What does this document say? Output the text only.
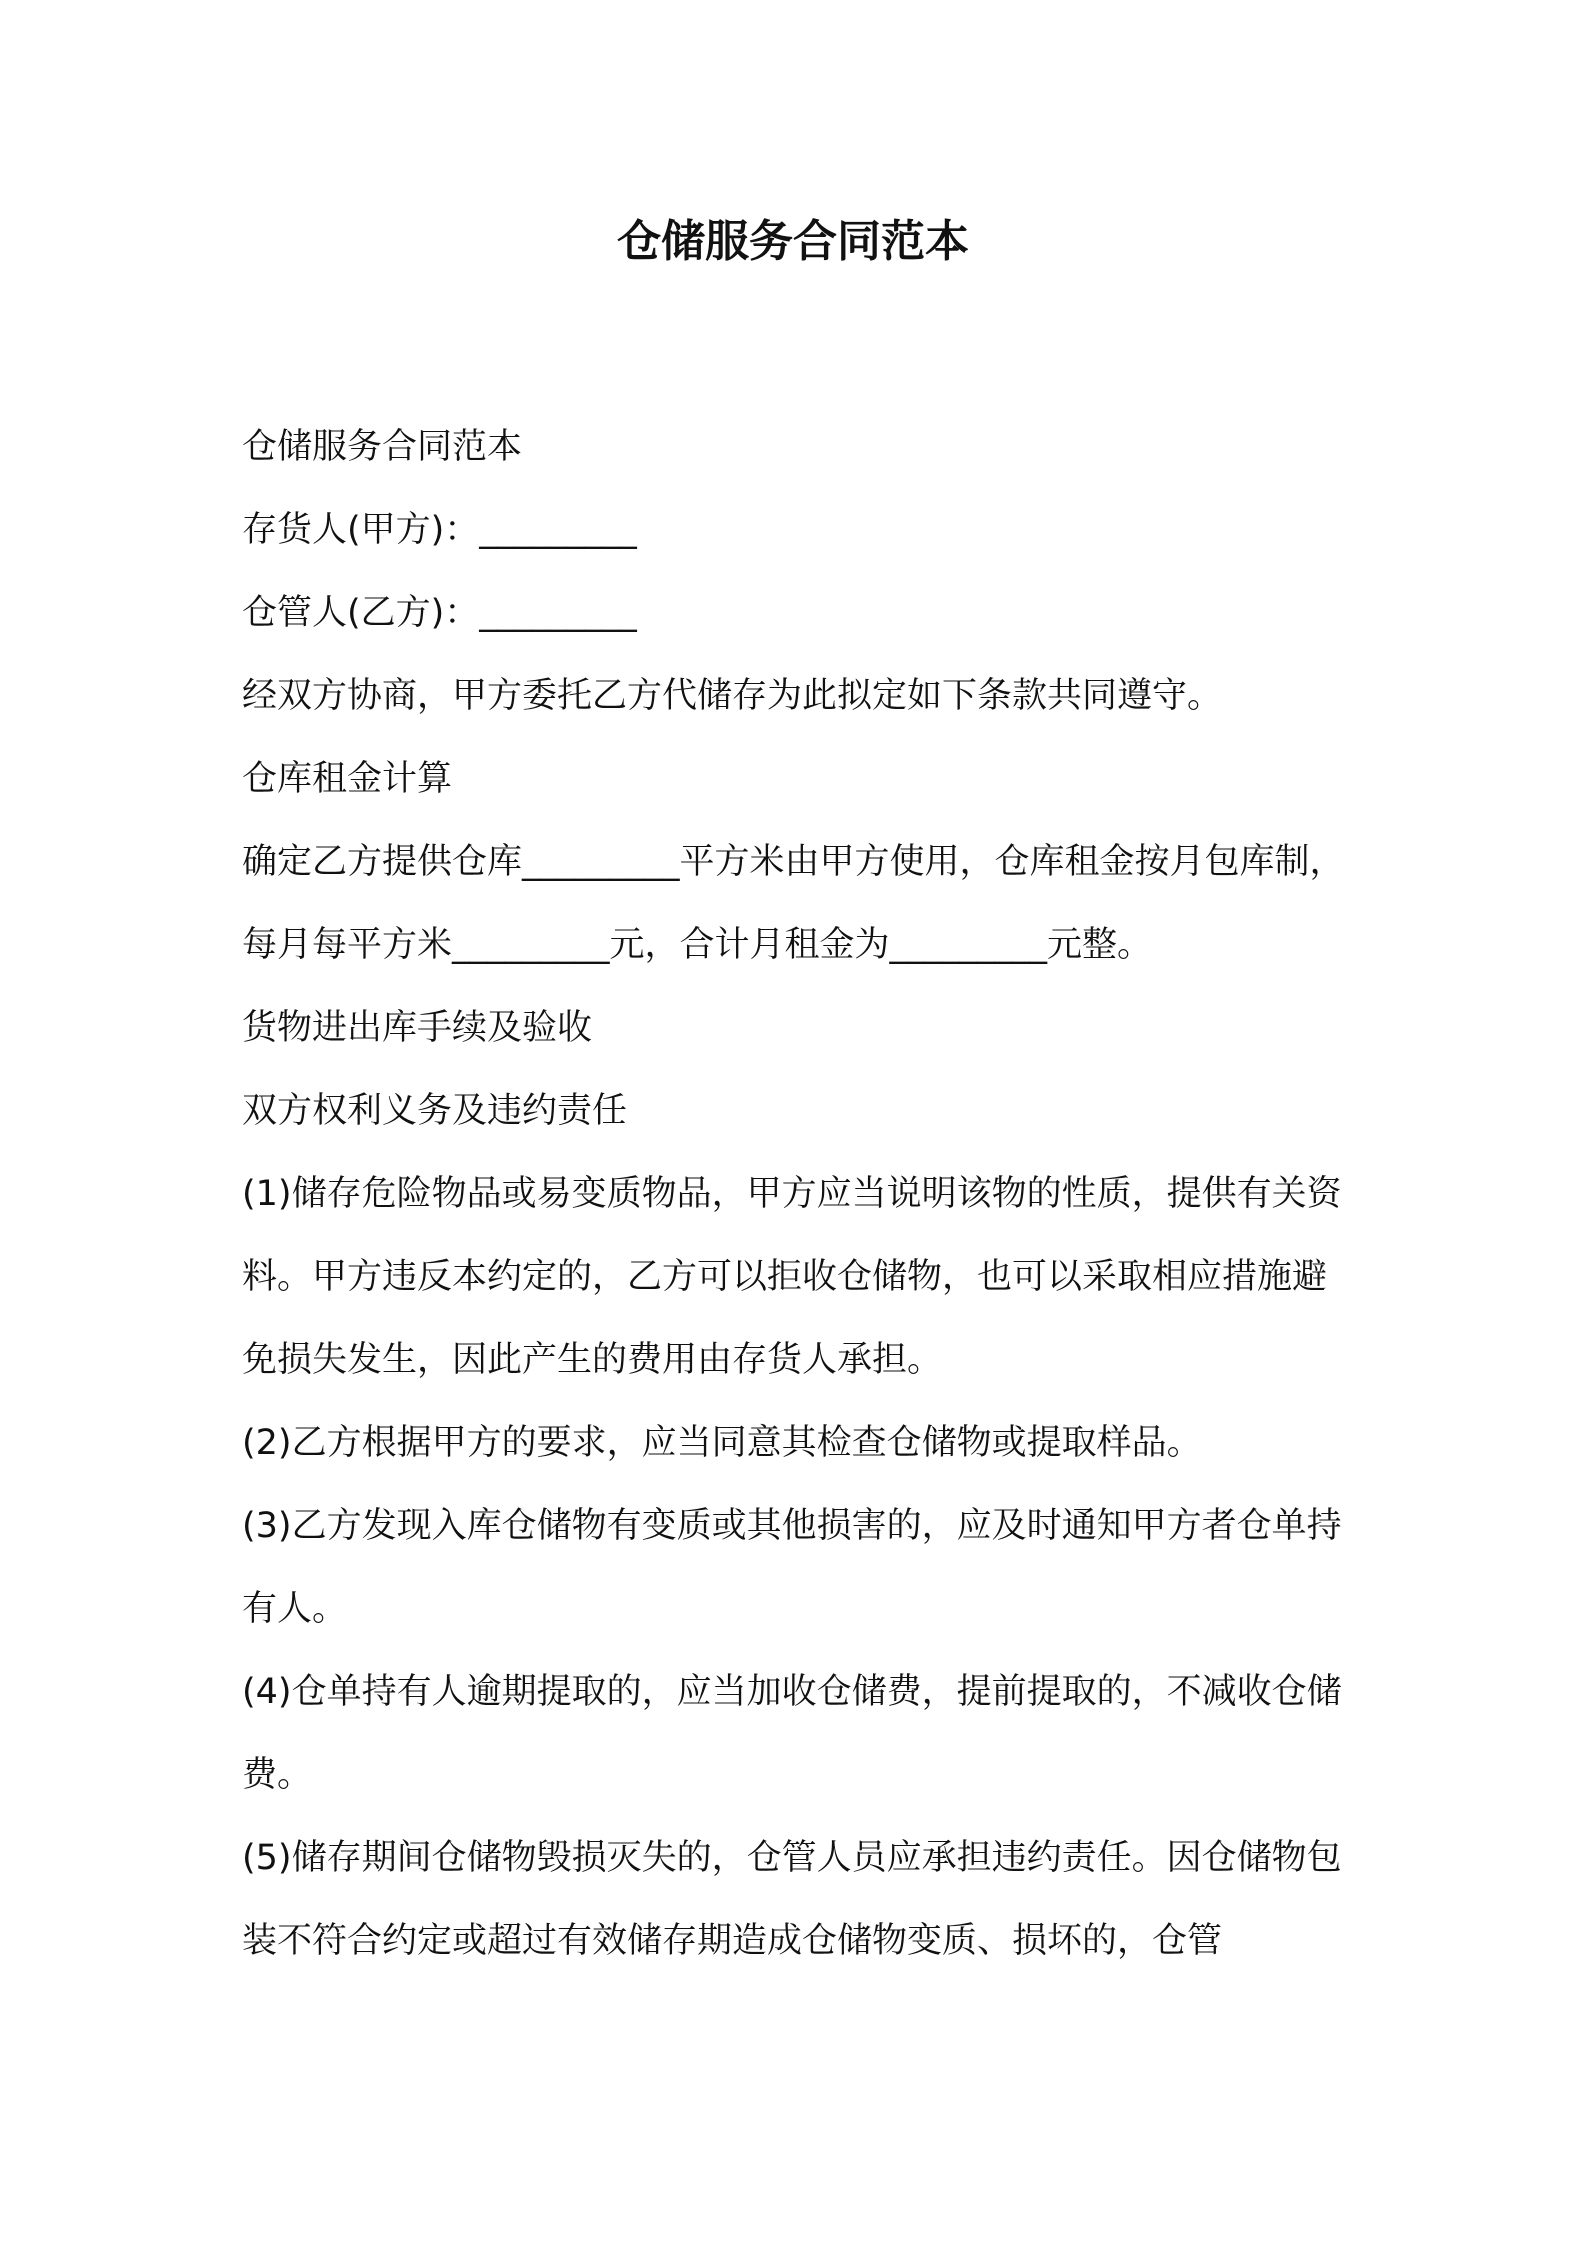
仓储服务合同范本

仓储服务合同范本

存货人(甲方)：_________

仓管人(乙方)：_________

经双方协商，甲方委托乙方代储存为此拟定如下条款共同遵守。

仓库租金计算

确定乙方提供仓库_________平方米由甲方使用，仓库租金按月包库制，每月每平方米_________元，合计月租金为_________元整。

货物进出库手续及验收

双方权利义务及违约责任

(1)储存危险物品或易变质物品，甲方应当说明该物的性质，提供有关资料。甲方违反本约定的，乙方可以拒收仓储物，也可以采取相应措施避免损失发生，因此产生的费用由存货人承担。

(2)乙方根据甲方的要求，应当同意其检查仓储物或提取样品。

(3)乙方发现入库仓储物有变质或其他损害的，应及时通知甲方者仓单持有人。

(4)仓单持有人逾期提取的，应当加收仓储费，提前提取的，不减收仓储费。

(5)储存期间仓储物毁损灭失的，仓管人员应承担违约责任。因仓储物包装不符合约定或超过有效储存期造成仓储物变质、损坏的，仓管
